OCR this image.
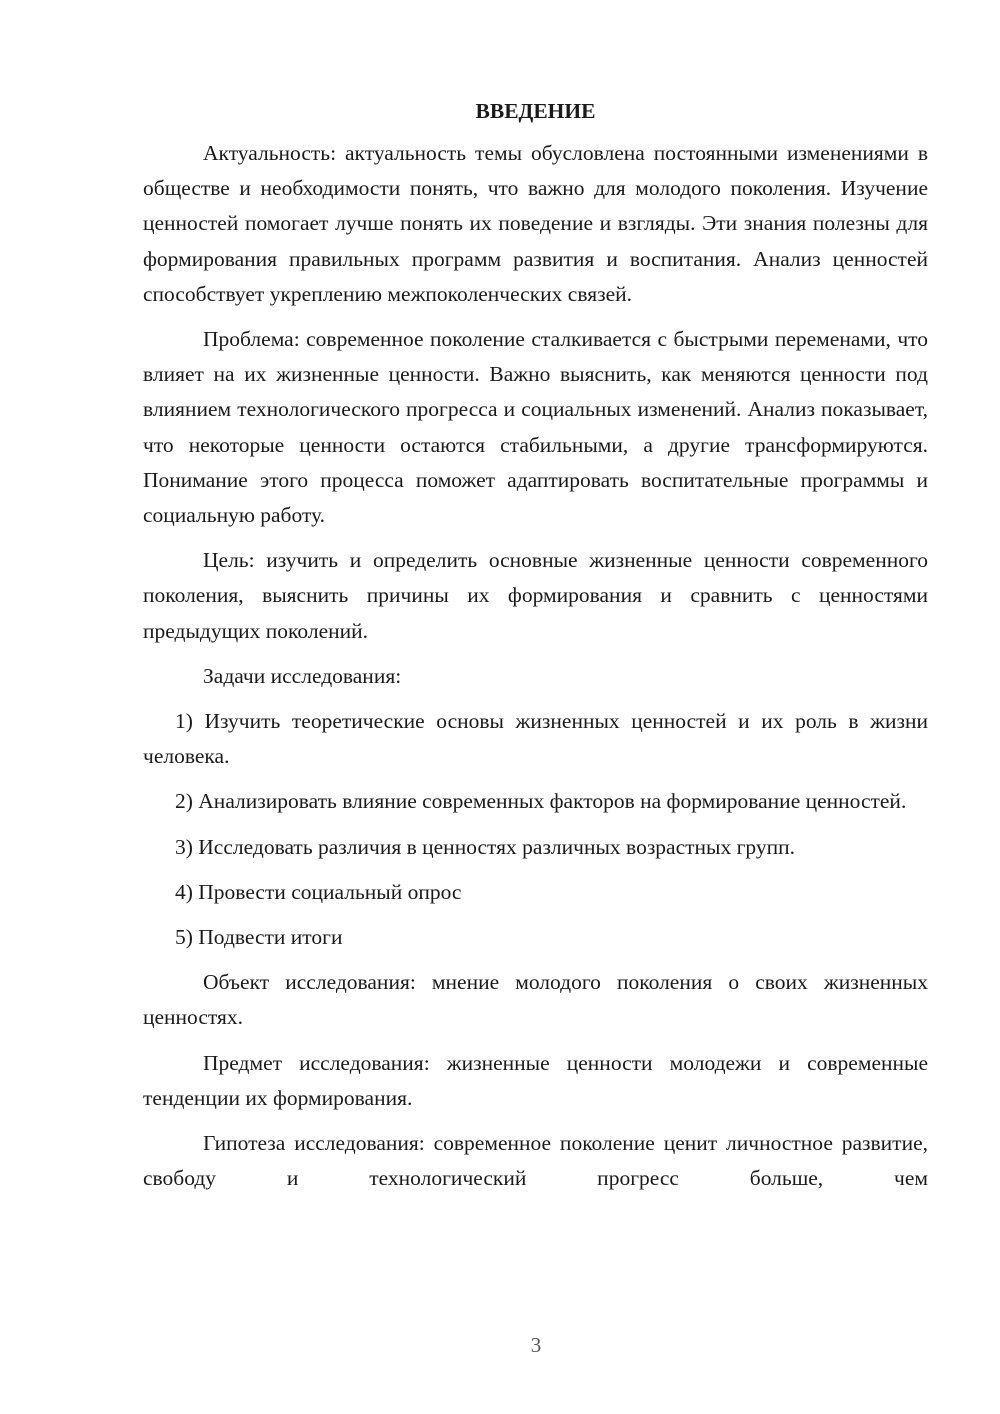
ВВЕДЕНИЕ

Актуальность: актуальность темы обусловлена постоянными изменениями в обществе и необходимости понять, что важно для молодого поколения. Изучение ценностей помогает лучше понять их поведение и взгляды. Эти знания полезны для формирования правильных программ развития и воспитания. Анализ ценностей способствует укреплению межпоколенческих связей.

Проблема: современное поколение сталкивается с быстрыми переменами, что влияет на их жизненные ценности. Важно выяснить, как меняются ценности под влиянием технологического прогресса и социальных изменений. Анализ показывает, что некоторые ценности остаются стабильными, а другие трансформируются. Понимание этого процесса поможет адаптировать воспитательные программы и социальную работу.

Цель: изучить и определить основные жизненные ценности современного поколения, выяснить причины их формирования и сравнить с ценностями предыдущих поколений.

Задачи исследования:

1) Изучить теоретические основы жизненных ценностей и их роль в жизни человека.

2) Анализировать влияние современных факторов на формирование ценностей.

3) Исследовать различия в ценностях различных возрастных групп.

4) Провести социальный опрос

5) Подвести итоги

Объект исследования: мнение молодого поколения о своих жизненных ценностях.

Предмет исследования: жизненные ценности молодежи и современные тенденции их формирования.

Гипотеза исследования: современное поколение ценит личностное развитие, свободу и технологический прогресс больше, чем

3
